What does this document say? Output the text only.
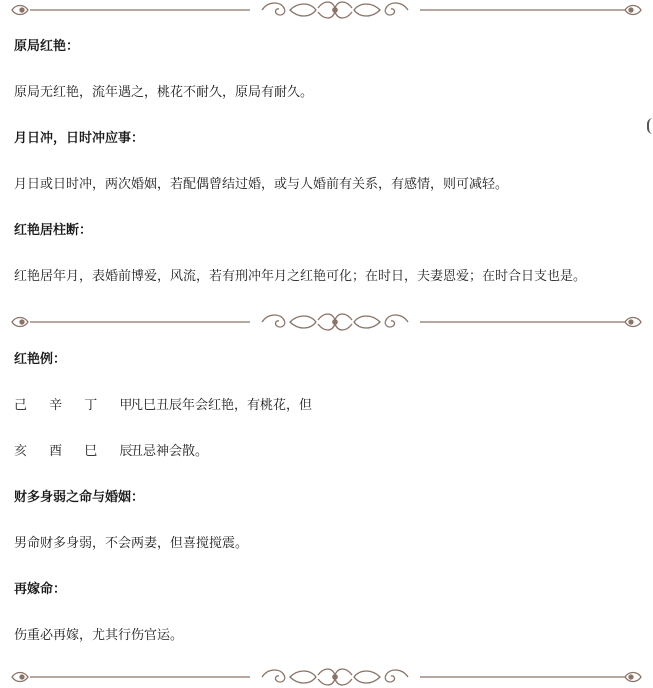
原局红艳：
原局无红艳，流年遇之，桃花不耐久，原局有耐久。
月日冲，日时冲应事：
月日或日时冲，两次婚姻，若配偶曾结过婚，或与人婚前有关系，有感情，则可减轻。
红艳居柱断：
红艳居年月，表婚前博爱，风流，若有刑冲年月之红艳可化；在时日，夫妻恩爱；在时合日支也是。
红艳例：
己 辛 丁 甲凡巳丑辰年会红艳，有桃花，但
亥 酉 巳 辰丑忌神会散。
财多身弱之命与婚姻：
男命财多身弱，不会两妻，但喜搅搅震。
再嫁命：
伤重必再嫁，尤其行伤官运。
